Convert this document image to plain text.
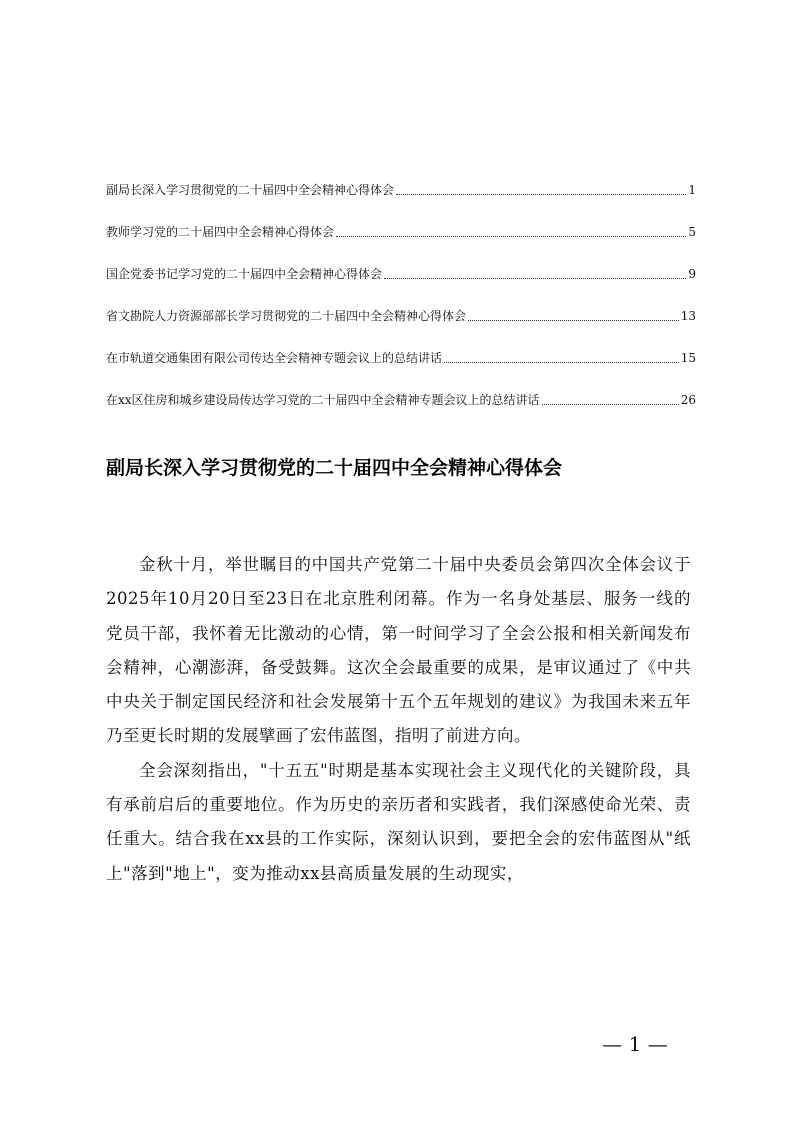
副局长深入学习贯彻党的二十届四中全会精神心得体会	1
教师学习党的二十届四中全会精神心得体会	5
国企党委书记学习党的二十届四中全会精神心得体会	9
省文勘院人力资源部部长学习贯彻党的二十届四中全会精神心得体会	13
在市轨道交通集团有限公司传达全会精神专题会议上的总结讲话	15
在xx区住房和城乡建设局传达学习党的二十届四中全会精神专题会议上的总结讲话	26
副局长深入学习贯彻党的二十届四中全会精神心得体会

金秋十月，举世瞩目的中国共产党第二十届中央委员会第四次全体会议于2025年10月20日至23日在北京胜利闭幕。作为一名身处基层、服务一线的党员干部，我怀着无比激动的心情，第一时间学习了全会公报和相关新闻发布会精神，心潮澎湃，备受鼓舞。这次全会最重要的成果，是审议通过了《中共中央关于制定国民经济和社会发展第十五个五年规划的建议》为我国未来五年乃至更长时期的发展擘画了宏伟蓝图，指明了前进方向。

全会深刻指出，"十五五"时期是基本实现社会主义现代化的关键阶段，具有承前启后的重要地位。作为历史的亲历者和实践者，我们深感使命光荣、责任重大。结合我在xx县的工作实际，深刻认识到，要把全会的宏伟蓝图从"纸上"落到"地上"，变为推动xx县高质量发展的生动现实，

— 1 —
